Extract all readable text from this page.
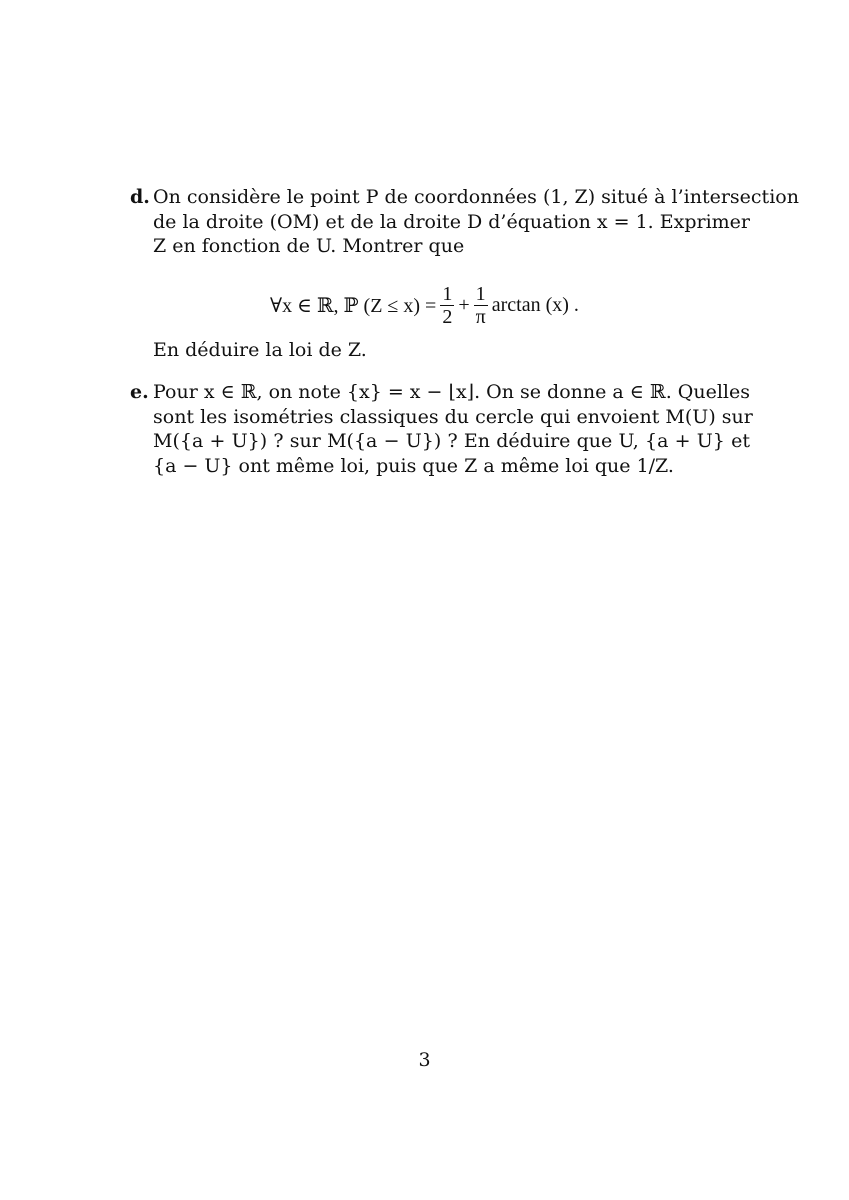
d. On considère le point P de coordonnées (1, Z) situé à l’intersection
de la droite (OM) et de la droite D d’équation x = 1. Exprimer
Z en fonction de U. Montrer que
∀x ∈ ℝ, ℙ $(Z \le x) = \frac{1}{2} + \frac{1}{\pi}$ arctan (x) .
En déduire la loi de Z.
e. Pour x ∈ ℝ, on note {x} = x − ⌊x⌋. On se donne a ∈ ℝ. Quelles
sont les isométries classiques du cercle qui envoient M(U) sur
M({a + U}) ? sur M({a − U}) ? En déduire que U, {a + U} et
{a − U} ont même loi, puis que Z a même loi que 1/Z.
3
